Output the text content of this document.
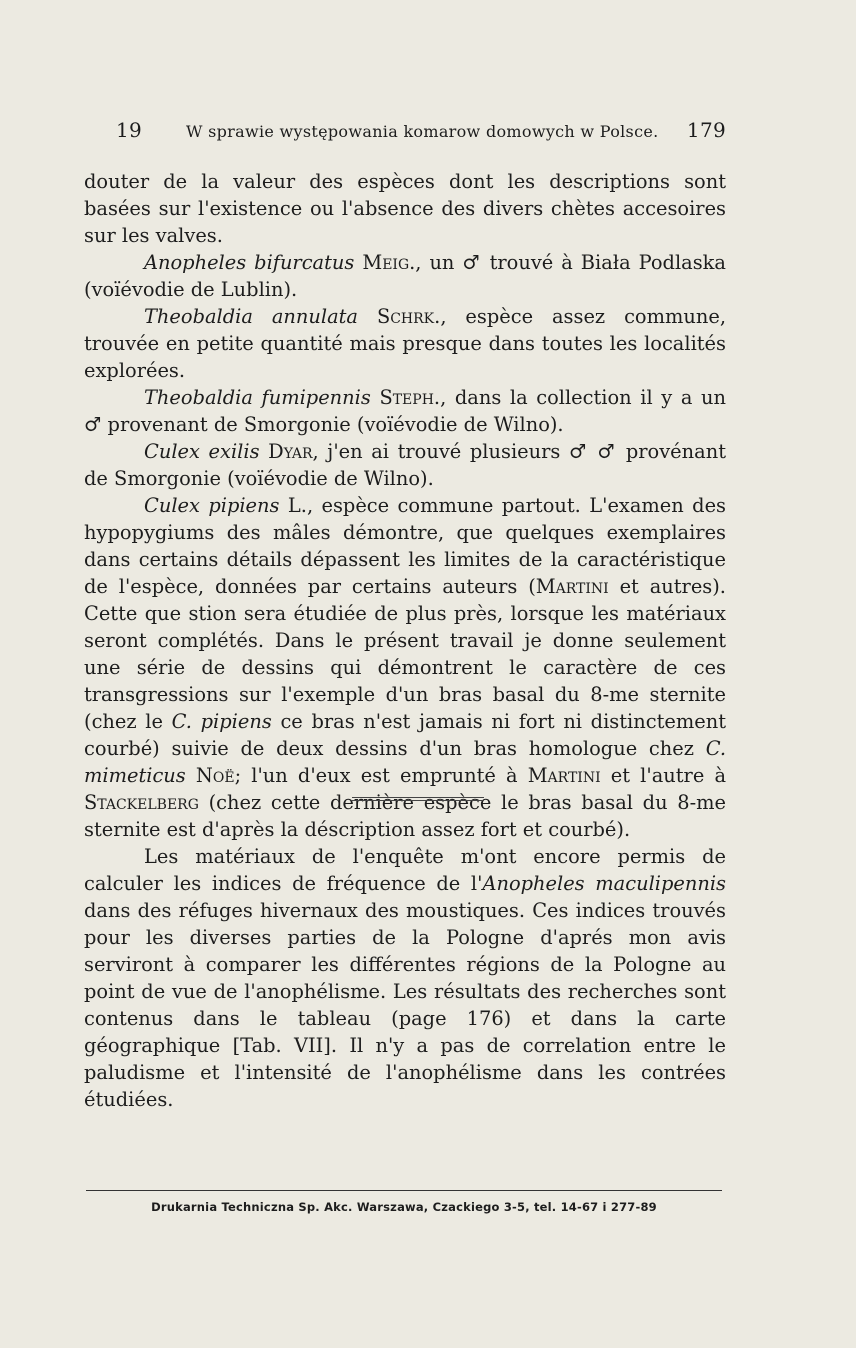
19	W sprawie występowania komarow domowych w Polsce. 179

douter de la valeur des espèces dont les descriptions sont basées sur l'existence ou l'absence des divers chètes accesoires sur les valves.

Anopheles bifurcatus Meig., un ♂ trouvé à Biała Podlaska (voïévodie de Lublin).

Theobaldia annulata Schrk., espèce assez commune, trouvée en petite quantité mais presque dans toutes les localités explorées.

Theobaldia fumipennis Steph., dans la collection il y a un ♂ provenant de Smorgonie (voïévodie de Wilno).

Culex exilis Dyar, j'en ai trouvé plusieurs ♂ ♂ provénant de Smorgonie (voïévodie de Wilno).

Culex pipiens L., espèce commune partout. L'examen des hypopygiums des mâles démontre, que quelques exemplaires dans certains détails dépassent les limites de la caractéristique de l'espèce, données par certains auteurs (Martini et autres). Cette que stion sera étudiée de plus près, lorsque les matériaux seront complétés. Dans le présent travail je donne seulement une série de dessins qui démontrent le caractère de ces transgressions sur l'exemple d'un bras basal du 8-me sternite (chez le C. pipiens ce bras n'est jamais ni fort ni distinctement courbé) suivie de deux dessins d'un bras homologue chez C. mimeticus Noë; l'un d'eux est emprunté à Martini et l'autre à Stackelberg (chez cette dernière espèce le bras basal du 8-me sternite est d'après la déscription assez fort et courbé).

Les matériaux de l'enquête m'ont encore permis de calculer les indices de fréquence de l'Anopheles maculipennis dans des réfuges hivernaux des moustiques. Ces indices trouvés pour les diverses parties de la Pologne d'aprés mon avis serviront à comparer les différentes régions de la Pologne au point de vue de l'anophélisme. Les résultats des recherches sont contenus dans le tableau (page 176) et dans la carte géographique [Tab. VII]. Il n'y a pas de correlation entre le paludisme et l'intensité de l'anophélisme dans les contrées étudiées.

Drukarnia Techniczna Sp. Akc. Warszawa, Czackiego 3-5, tel. 14-67 i 277-89
